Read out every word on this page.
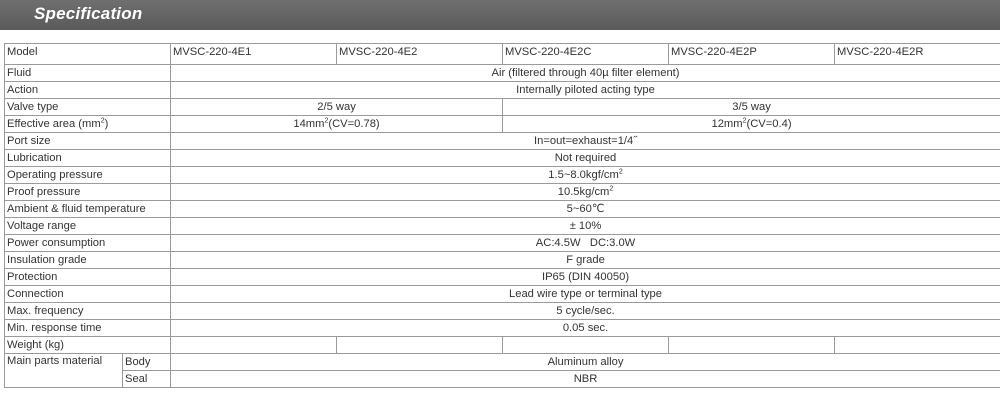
Specification
Model		MVSC-220-4E1	MVSC-220-4E2	MVSC-220-4E2C	MVSC-220-4E2P	MVSC-220-4E2R
Fluid		Air (filtered through 40µ filter element)				
Action		Internally piloted acting type				
Valve type		2/5 way		3/5 way		
Effective area $(mm^2)$		$14mm^2(CV=0.78)$		$12mm^2(CV=0.4)$		
Port size		In=out=exhaust=1/4˝				
Lubrication		Not required				
Operating pressure		$1.5\sim 8.0kgf/cm^2$
Proof pressure		$10.5kg/cm^2$
Ambient & fluid temperature		5~60℃				
Voltage range		± 10%				
Power consumption		AC:4.5W   DC:3.0W				
Insulation grade		F grade				
Protection		IP65 (DIN 40050)				
Connection		Lead wire type or terminal type				
Max. frequency		5 cycle/sec.				
Min. response time		0.05 sec.				
Weight (kg)						
Main parts material	Body	Aluminum alloy				
	Seal	NBR				
